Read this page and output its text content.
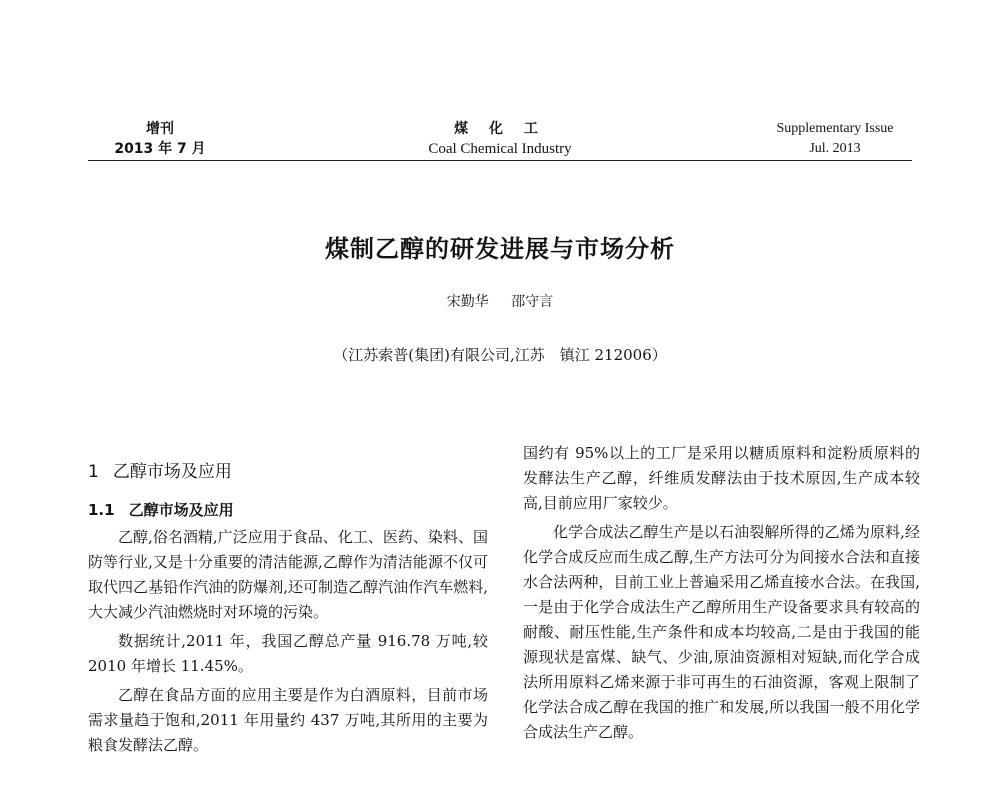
增刊
2013 年 7 月
煤 化 工
Coal Chemical Industry
Supplementary Issue
Jul. 2013
煤制乙醇的研发进展与市场分析
宋勤华 邵守言
（江苏索普(集团)有限公司,江苏　镇江 212006）
1 乙醇市场及应用
1.1 乙醇市场及应用

乙醇,俗名酒精,广泛应用于食品、化工、医药、染料、国防等行业,又是十分重要的清洁能源,乙醇作为清洁能源不仅可取代四乙基铅作汽油的防爆剂,还可制造乙醇汽油作汽车燃料,大大减少汽油燃烧时对环境的污染。

数据统计,2011 年，我国乙醇总产量 916.78 万吨,较 2010 年增长 11.45%。

乙醇在食品方面的应用主要是作为白酒原料，目前市场需求量趋于饱和,2011 年用量约 437 万吨,其所用的主要为粮食发酵法乙醇。

国约有 95%以上的工厂是采用以糖质原料和淀粉质原料的发酵法生产乙醇，纤维质发酵法由于技术原因,生产成本较高,目前应用厂家较少。

化学合成法乙醇生产是以石油裂解所得的乙烯为原料,经化学合成反应而生成乙醇,生产方法可分为间接水合法和直接水合法两种，目前工业上普遍采用乙烯直接水合法。在我国,一是由于化学合成法生产乙醇所用生产设备要求具有较高的耐酸、耐压性能,生产条件和成本均较高,二是由于我国的能源现状是富煤、缺气、少油,原油资源相对短缺,而化学合成法所用原料乙烯来源于非可再生的石油资源，客观上限制了化学法合成乙醇在我国的推广和发展,所以我国一般不用化学合成法生产乙醇。
